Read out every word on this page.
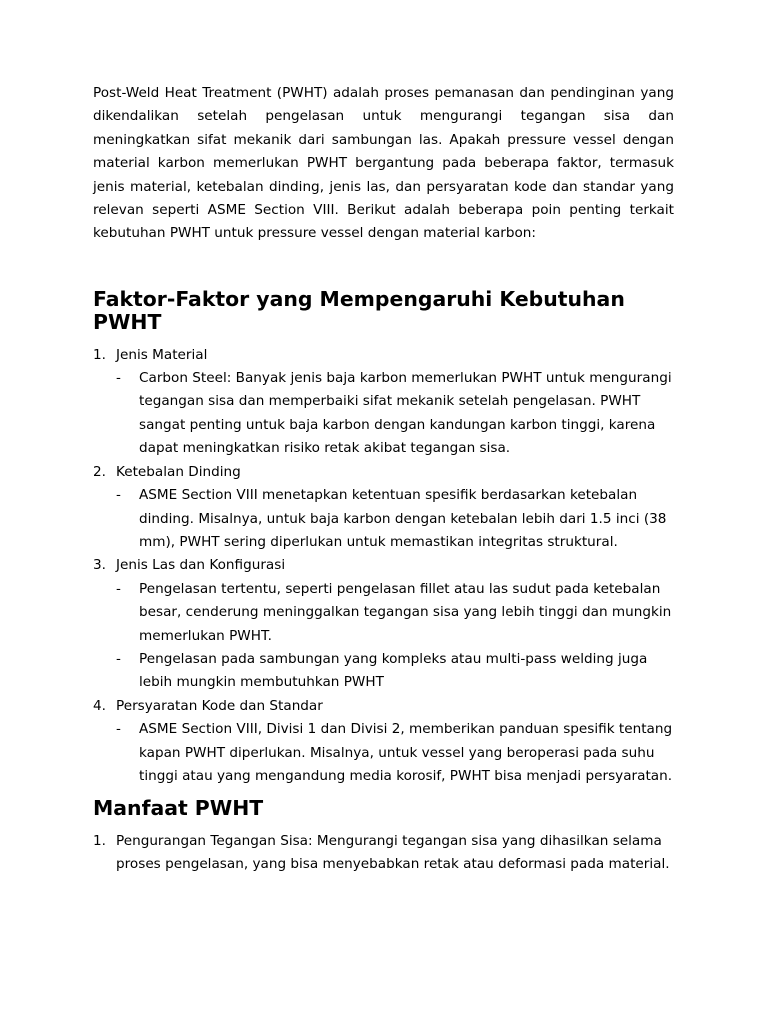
Post-Weld Heat Treatment (PWHT) adalah proses pemanasan dan pendinginan yang dikendalikan setelah pengelasan untuk mengurangi tegangan sisa dan meningkatkan sifat mekanik dari sambungan las. Apakah pressure vessel dengan material karbon memerlukan PWHT bergantung pada beberapa faktor, termasuk jenis material, ketebalan dinding, jenis las, dan persyaratan kode dan standar yang relevan seperti ASME Section VIII. Berikut adalah beberapa poin penting terkait kebutuhan PWHT untuk pressure vessel dengan material karbon:

Faktor-Faktor yang Mempengaruhi Kebutuhan PWHT
1. Jenis Material
- Carbon Steel: Banyak jenis baja karbon memerlukan PWHT untuk mengurangi tegangan sisa dan memperbaiki sifat mekanik setelah pengelasan. PWHT sangat penting untuk baja karbon dengan kandungan karbon tinggi, karena dapat meningkatkan risiko retak akibat tegangan sisa.
2. Ketebalan Dinding
- ASME Section VIII menetapkan ketentuan spesifik berdasarkan ketebalan dinding. Misalnya, untuk baja karbon dengan ketebalan lebih dari 1.5 inci (38 mm), PWHT sering diperlukan untuk memastikan integritas struktural.
3. Jenis Las dan Konfigurasi
- Pengelasan tertentu, seperti pengelasan fillet atau las sudut pada ketebalan besar, cenderung meninggalkan tegangan sisa yang lebih tinggi dan mungkin memerlukan PWHT.
- Pengelasan pada sambungan yang kompleks atau multi-pass welding juga lebih mungkin membutuhkan PWHT
4. Persyaratan Kode dan Standar
- ASME Section VIII, Divisi 1 dan Divisi 2, memberikan panduan spesifik tentang kapan PWHT diperlukan. Misalnya, untuk vessel yang beroperasi pada suhu tinggi atau yang mengandung media korosif, PWHT bisa menjadi persyaratan.
Manfaat PWHT
1. Pengurangan Tegangan Sisa: Mengurangi tegangan sisa yang dihasilkan selama proses pengelasan, yang bisa menyebabkan retak atau deformasi pada material.
